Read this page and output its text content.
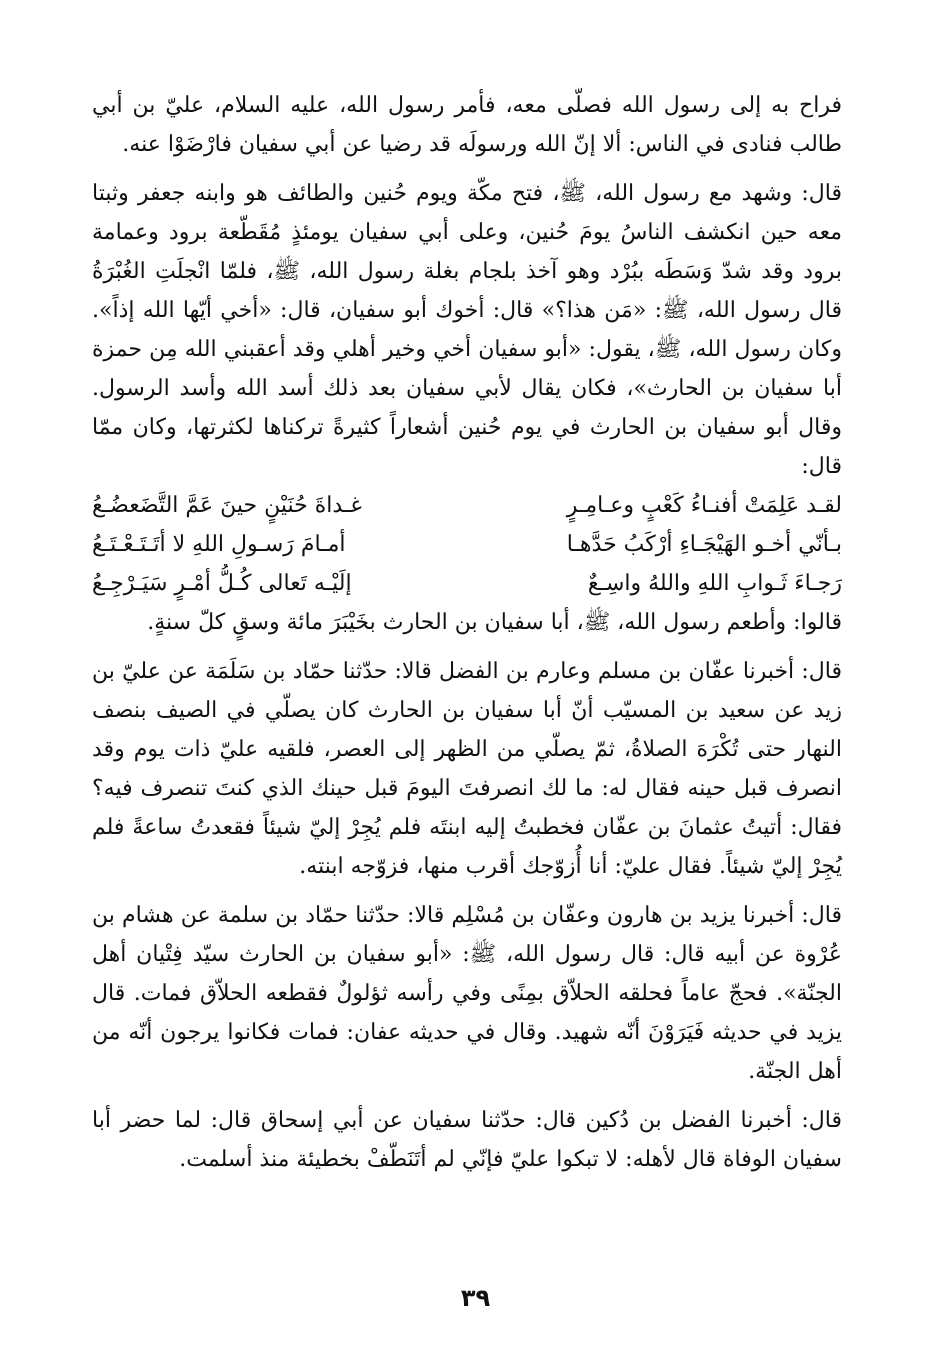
فراح به إلى رسول الله فصلّى معه، فأمر رسول الله، عليه السلام، عليّ بن أبي طالب فنادى في الناس: ألا إنّ الله ورسولَه قد رضيا عن أبي سفيان فارْضَوْا عنه.

قال: وشهد مع رسول الله، ﷺ، فتح مكّة ويوم حُنين والطائف هو وابنه جعفر وثبتا معه حين انكشف الناسُ يومَ حُنين، وعلى أبي سفيان يومئذٍ مُقَطّعة برود وعمامة برود وقد شدّ وَسَطَه ببُرْد وهو آخذ بلجام بغلة رسول الله، ﷺ، فلمّا انْجلَتِ الغُبْرَةُ قال رسول الله، ﷺ: «مَن هذا؟» قال: أخوك أبو سفيان، قال: «أخي أيّها الله إذاً». وكان رسول الله، ﷺ، يقول: «أبو سفيان أخي وخير أهلي وقد أعقبني الله مِن حمزة أبا سفيان بن الحارث»، فكان يقال لأبي سفيان بعد ذلك أسد الله وأسد الرسول. وقال أبو سفيان بن الحارث في يوم حُنين أشعاراً كثيرةً تركناها لكثرتها، وكان ممّا قال:

لقـد عَلِمَتْ أفنـاءُ كَعْبٍ وعـامِـرٍ
غـداةَ حُنَيْنٍ حينَ عَمَّ التَّضَعضُـعُ
بـأنّي أخـو الهَيْجَـاءِ أرْكَبُ حَدَّهـا
أمـامَ رَسـولِ اللهِ لا أتَـتَـعْـتَـعُ
رَجـاءَ ثَـوابِ اللهِ واللهُ واسِـعٌ
إلَيْـه تَعالى كُـلُّ أمْـرٍ سَيَـرْجِـعُ

قالوا: وأطعم رسول الله، ﷺ، أبا سفيان بن الحارث بخَيْبَرَ مائة وسقٍ كلّ سنةٍ.

قال: أخبرنا عفّان بن مسلم وعارم بن الفضل قالا: حدّثنا حمّاد بن سَلَمَة عن عليّ بن زيد عن سعيد بن المسيّب أنّ أبا سفيان بن الحارث كان يصلّي في الصيف بنصف النهار حتى تُكْرَهَ الصلاةُ، ثمّ يصلّي من الظهر إلى العصر، فلقيه عليّ ذات يوم وقد انصرف قبل حينه فقال له: ما لك انصرفتَ اليومَ قبل حينك الذي كنتَ تنصرف فيه؟ فقال: أتيتُ عثمانَ بن عفّان فخطبتُ إليه ابنتَه فلم يُجِرْ إليّ شيئاً فقعدتُ ساعةً فلم يُجِرْ إليّ شيئاً. فقال عليّ: أنا أُزوّجك أقرب منها، فزوّجه ابنته.

قال: أخبرنا يزيد بن هارون وعفّان بن مُسْلِم قالا: حدّثنا حمّاد بن سلمة عن هشام بن عُرْوة عن أبيه قال: قال رسول الله، ﷺ: «أبو سفيان بن الحارث سيّد فِتْيان أهل الجنّة». فحجّ عاماً فحلقه الحلاّق بمِنًى وفي رأسه ثؤلولٌ فقطعه الحلاّق فمات. قال يزيد في حديثه فَيَرَوْنَ أنّه شهيد. وقال في حديثه عفان: فمات فكانوا يرجون أنّه من أهل الجنّة.

قال: أخبرنا الفضل بن دُكين قال: حدّثنا سفيان عن أبي إسحاق قال: لما حضر أبا سفيان الوفاة قال لأهله: لا تبكوا عليّ فإنّي لم أتَنَطّفْ بخطيئة منذ أسلمت.

٣٩
